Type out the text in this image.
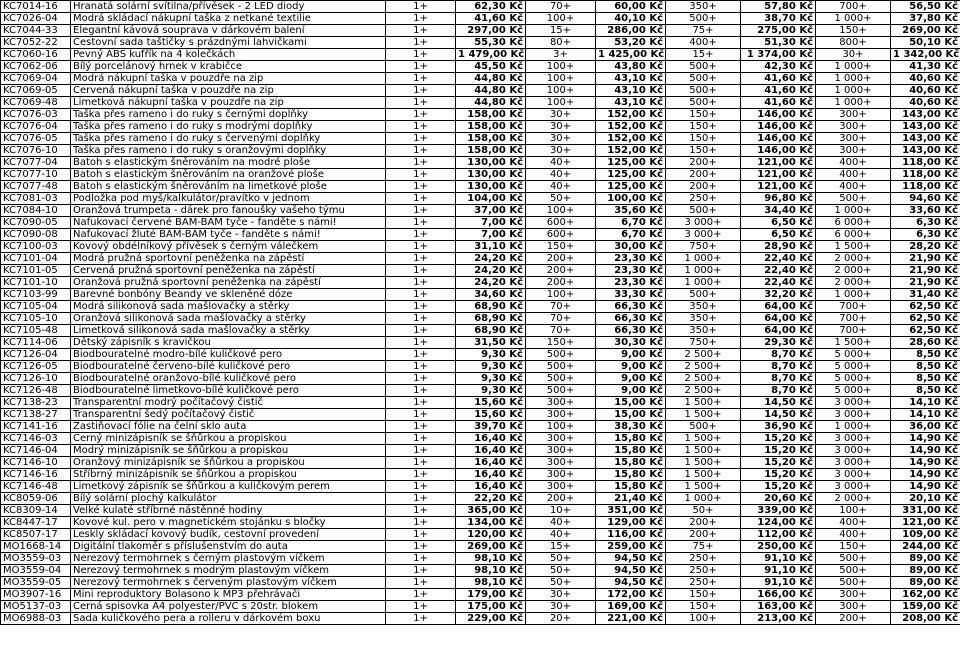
KC7014-16	Hranatá solární svítilna/přívěsek - 2 LED diody	1+	62,30 Kč	70+	60,00 Kč	350+	57,80 Kč	700+	56,50 Kč
KC7026-04	Modrá skládací nákupní taška z netkané textilie	1+	41,60 Kč	100+	40,10 Kč	500+	38,70 Kč	1 000+	37,80 Kč
KC7044-33	Elegantní kávová souprava v dárkovém balení	1+	297,00 Kč	15+	286,00 Kč	75+	275,00 Kč	150+	269,00 Kč
KC7052-22	Cestovní sada taštičky s prázdnými lahvičkami	1+	55,30 Kč	80+	53,20 Kč	400+	51,30 Kč	800+	50,10 Kč
KC7060-16	Pevný ABS kufřík na 4 kolečkách	1+	1 479,00 Kč	3+	1 425,00 Kč	15+	1 374,00 Kč	30+	1 342,00 Kč
KC7062-06	Bílý porcelánový hrnek v krabičce	1+	45,50 Kč	100+	43,80 Kč	500+	42,30 Kč	1 000+	41,30 Kč
KC7069-04	Modrá nákupní taška v pouzdře na zip	1+	44,80 Kč	100+	43,10 Kč	500+	41,60 Kč	1 000+	40,60 Kč
KC7069-05	Červená nákupní taška v pouzdře na zip	1+	44,80 Kč	100+	43,10 Kč	500+	41,60 Kč	1 000+	40,60 Kč
KC7069-48	Limetková nákupní taška v pouzdře na zip	1+	44,80 Kč	100+	43,10 Kč	500+	41,60 Kč	1 000+	40,60 Kč
KC7076-03	Taška přes rameno i do ruky s černými doplňky	1+	158,00 Kč	30+	152,00 Kč	150+	146,00 Kč	300+	143,00 Kč
KC7076-04	Taška přes rameno i do ruky s modrými doplňky	1+	158,00 Kč	30+	152,00 Kč	150+	146,00 Kč	300+	143,00 Kč
KC7076-05	Taška přes rameno i do ruky s červenými doplňky	1+	158,00 Kč	30+	152,00 Kč	150+	146,00 Kč	300+	143,00 Kč
KC7076-10	Taška přes rameno i do ruky s oranžovými doplňky	1+	158,00 Kč	30+	152,00 Kč	150+	146,00 Kč	300+	143,00 Kč
KC7077-04	Batoh s elastickým šněrováním na modré ploše	1+	130,00 Kč	40+	125,00 Kč	200+	121,00 Kč	400+	118,00 Kč
KC7077-10	Batoh s elastickým šněrováním na oranžové ploše	1+	130,00 Kč	40+	125,00 Kč	200+	121,00 Kč	400+	118,00 Kč
KC7077-48	Batoh s elastickým šněrováním na limetkové ploše	1+	130,00 Kč	40+	125,00 Kč	200+	121,00 Kč	400+	118,00 Kč
KC7081-03	Podložka pod myš/kalkulátor/pravítko v jednom	1+	104,00 Kč	50+	100,00 Kč	250+	96,80 Kč	500+	94,60 Kč
KC7084-10	Oranžová trumpeta - dárek pro fanoušky vašeho týmu	1+	37,00 Kč	100+	35,60 Kč	500+	34,40 Kč	1 000+	33,60 Kč
KC7090-05	Nafukovací červené BAM-BAM tyče - fanděte s námi!	1+	7,00 Kč	600+	6,70 Kč	3 000+	6,50 Kč	6 000+	6,30 Kč
KC7090-08	Nafukovací žluté BAM-BAM tyče - fanděte s námi!	1+	7,00 Kč	600+	6,70 Kč	3 000+	6,50 Kč	6 000+	6,30 Kč
KC7100-03	Kovový obdélníkový přívěsek s černým válečkem	1+	31,10 Kč	150+	30,00 Kč	750+	28,90 Kč	1 500+	28,20 Kč
KC7101-04	Modrá pružná sportovní peněženka na zápěstí	1+	24,20 Kč	200+	23,30 Kč	1 000+	22,40 Kč	2 000+	21,90 Kč
KC7101-05	Červená pružná sportovní peněženka na zápěstí	1+	24,20 Kč	200+	23,30 Kč	1 000+	22,40 Kč	2 000+	21,90 Kč
KC7101-10	Oranžová pružná sportovní peněženka na zápěstí	1+	24,20 Kč	200+	23,30 Kč	1 000+	22,40 Kč	2 000+	21,90 Kč
KC7103-99	Barevné bonbóny Beandy ve skleněné dóze	1+	34,60 Kč	100+	33,30 Kč	500+	32,20 Kč	1 000+	31,40 Kč
KC7105-04	Modrá silikonová sada mašlovačky a stěrky	1+	68,90 Kč	70+	66,30 Kč	350+	64,00 Kč	700+	62,50 Kč
KC7105-10	Oranžová silikonová sada mašlovačky a stěrky	1+	68,90 Kč	70+	66,30 Kč	350+	64,00 Kč	700+	62,50 Kč
KC7105-48	Limetková silikonová sada mašlovačky a stěrky	1+	68,90 Kč	70+	66,30 Kč	350+	64,00 Kč	700+	62,50 Kč
KC7114-06	Dětský zápisník s kravičkou	1+	31,50 Kč	150+	30,30 Kč	750+	29,30 Kč	1 500+	28,60 Kč
KC7126-04	Biodbouratelné modro-bílé kuličkové pero	1+	9,30 Kč	500+	9,00 Kč	2 500+	8,70 Kč	5 000+	8,50 Kč
KC7126-05	Biodbouratelné červeno-bílé kuličkové pero	1+	9,30 Kč	500+	9,00 Kč	2 500+	8,70 Kč	5 000+	8,50 Kč
KC7126-10	Biodbouratelné oranžovo-bílé kuličkové pero	1+	9,30 Kč	500+	9,00 Kč	2 500+	8,70 Kč	5 000+	8,50 Kč
KC7126-48	Biodbouratelné limetkovo-bílé kuličkové pero	1+	9,30 Kč	500+	9,00 Kč	2 500+	8,70 Kč	5 000+	8,50 Kč
KC7138-23	Transparentní modrý počítačový čistič	1+	15,60 Kč	300+	15,00 Kč	1 500+	14,50 Kč	3 000+	14,10 Kč
KC7138-27	Transparentní šedý počítačový čistič	1+	15,60 Kč	300+	15,00 Kč	1 500+	14,50 Kč	3 000+	14,10 Kč
KC7141-16	Zastiňovací fólie na čelní sklo auta	1+	39,70 Kč	100+	38,30 Kč	500+	36,90 Kč	1 000+	36,00 Kč
KC7146-03	Černý minizápisník se šňůrkou a propiskou	1+	16,40 Kč	300+	15,80 Kč	1 500+	15,20 Kč	3 000+	14,90 Kč
KC7146-04	Modrý minizápisník se šňůrkou a propiskou	1+	16,40 Kč	300+	15,80 Kč	1 500+	15,20 Kč	3 000+	14,90 Kč
KC7146-10	Oranžový minizápisník se šňůrkou a propiskou	1+	16,40 Kč	300+	15,80 Kč	1 500+	15,20 Kč	3 000+	14,90 Kč
KC7146-16	Stříbrný minizápisník se šňůrkou a propiskou	1+	16,40 Kč	300+	15,80 Kč	1 500+	15,20 Kč	3 000+	14,90 Kč
KC7146-48	Limetkový zápisník se šňůrkou a kuličkovým perem	1+	16,40 Kč	300+	15,80 Kč	1 500+	15,20 Kč	3 000+	14,90 Kč
KC8059-06	Bílý solární plochý kalkulátor	1+	22,20 Kč	200+	21,40 Kč	1 000+	20,60 Kč	2 000+	20,10 Kč
KC8309-14	Velké kulaté stříbrné nástěnné hodiny	1+	365,00 Kč	10+	351,00 Kč	50+	339,00 Kč	100+	331,00 Kč
KC8447-17	Kovové kul. pero v magnetickém stojánku s bločky	1+	134,00 Kč	40+	129,00 Kč	200+	124,00 Kč	400+	121,00 Kč
KC8507-17	Leskly skládací kovový budík, cestovní provedení	1+	120,00 Kč	40+	116,00 Kč	200+	112,00 Kč	400+	109,00 Kč
MO1668-14	Digitální tlakoměr s příslušenstvím do auta	1+	269,00 Kč	15+	259,00 Kč	75+	250,00 Kč	150+	244,00 Kč
MO3559-03	Nerezový termohrnek s černým plastovým víčkem	1+	98,10 Kč	50+	94,50 Kč	250+	91,10 Kč	500+	89,00 Kč
MO3559-04	Nerezový termohrnek s modrým plastovým víčkem	1+	98,10 Kč	50+	94,50 Kč	250+	91,10 Kč	500+	89,00 Kč
MO3559-05	Nerezový termohrnek s červeným plastovým víčkem	1+	98,10 Kč	50+	94,50 Kč	250+	91,10 Kč	500+	89,00 Kč
MO3907-16	Mini reproduktory Bolasono k MP3 přehrávači	1+	179,00 Kč	30+	172,00 Kč	150+	166,00 Kč	300+	162,00 Kč
MO5137-03	Černá spisovka A4 polyester/PVC s 20str. blokem	1+	175,00 Kč	30+	169,00 Kč	150+	163,00 Kč	300+	159,00 Kč
MO6988-03	Sada kuličkového pera a rolleru v dárkovém boxu	1+	229,00 Kč	20+	221,00 Kč	100+	213,00 Kč	200+	208,00 Kč
